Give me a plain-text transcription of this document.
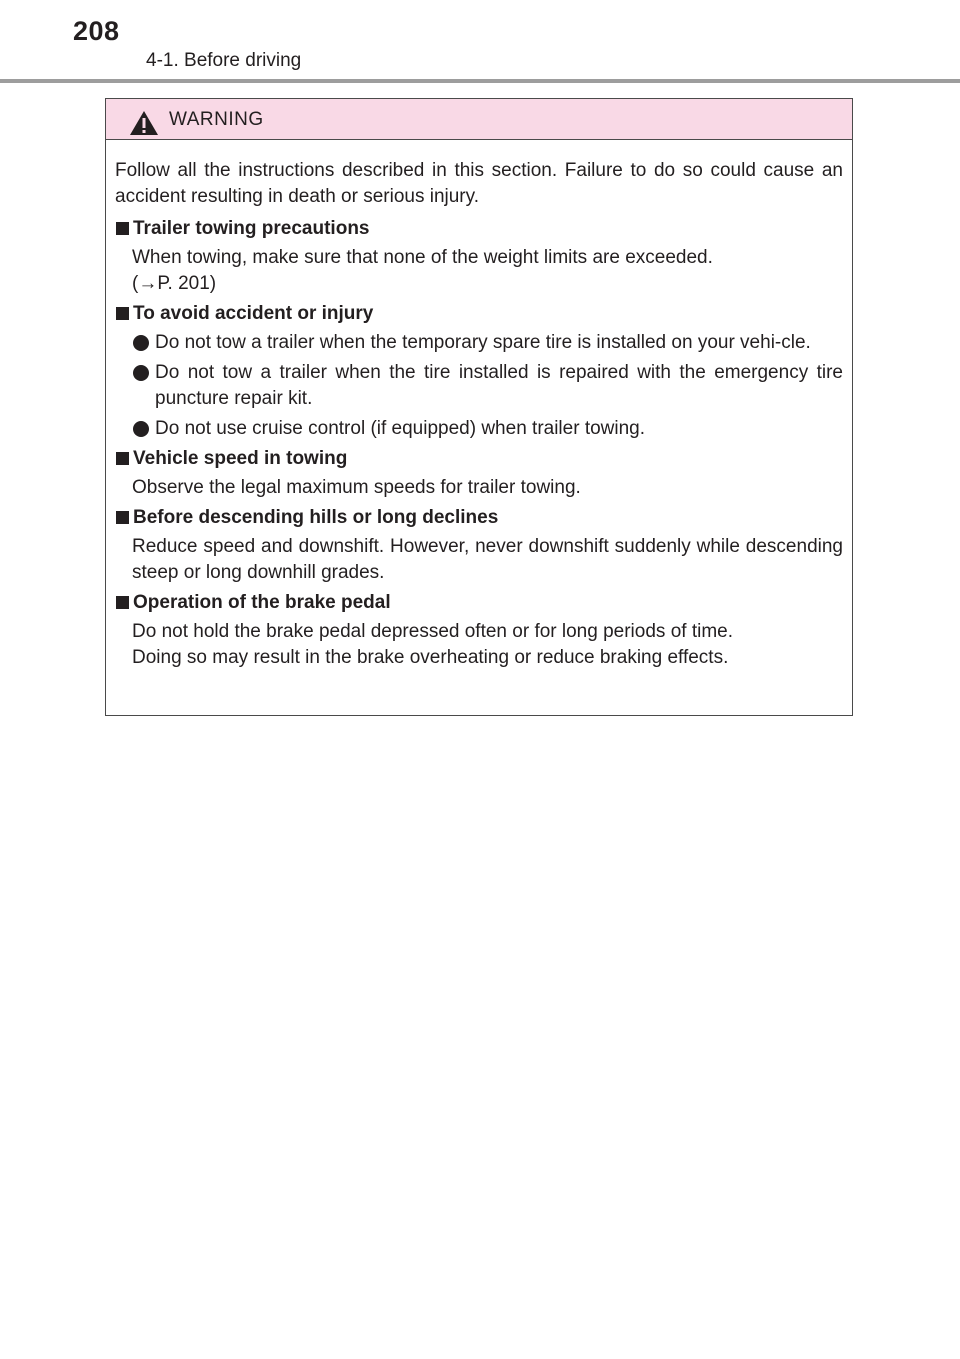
208
4-1. Before driving
WARNING

Follow all the instructions described in this section. Failure to do so could cause an accident resulting in death or serious injury.

Trailer towing precautions

When towing, make sure that none of the weight limits are exceeded.

(→P. 201)

To avoid accident or injury

Do not tow a trailer when the temporary spare tire is installed on your vehi-cle.

Do not tow a trailer when the tire installed is repaired with the emergency tire puncture repair kit.

Do not use cruise control (if equipped) when trailer towing.

Vehicle speed in towing

Observe the legal maximum speeds for trailer towing.

Before descending hills or long declines

Reduce speed and downshift. However, never downshift suddenly while descending steep or long downhill grades.

Operation of the brake pedal

Do not hold the brake pedal depressed often or for long periods of time.

Doing so may result in the brake overheating or reduce braking effects.
